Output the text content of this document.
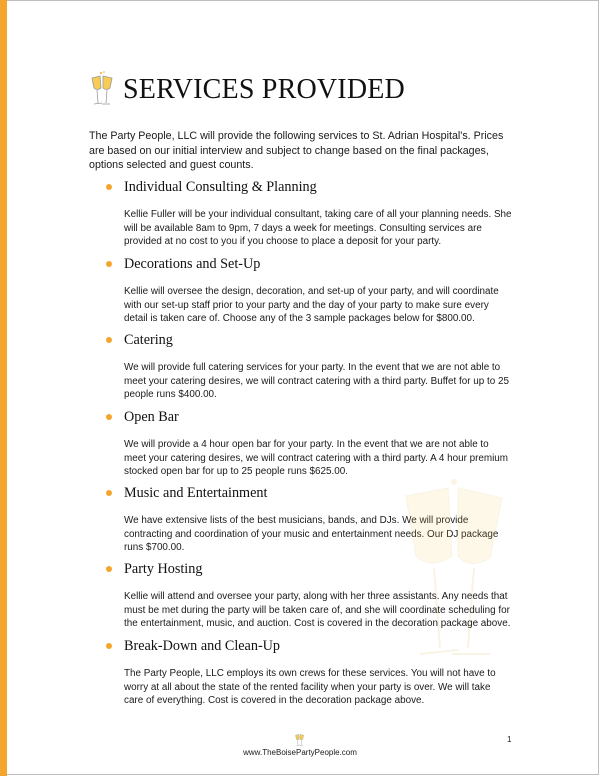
SERVICES PROVIDED
The Party People, LLC will provide the following services to St. Adrian Hospital's. Prices are based on our initial interview and subject to change based on the final packages, options selected and guest counts.
Individual Consulting & Planning
Kellie Fuller will be your individual consultant, taking care of all your planning needs. She will be available 8am to 9pm, 7 days a week for meetings. Consulting services are provided at no cost to you if you choose to place a deposit for your party.
Decorations and Set-Up
Kellie will oversee the design, decoration, and set-up of your party, and will coordinate with our set-up staff prior to your party and the day of your party to make sure every detail is taken care of. Choose any of the 3 sample packages below for $800.00.
Catering
We will provide full catering services for your party. In the event that we are not able to meet your catering desires, we will contract catering with a third party. Buffet for up to 25 people runs $400.00.
Open Bar
We will provide a 4 hour open bar for your party. In the event that we are not able to meet your catering desires, we will contract catering with a third party. A 4 hour premium stocked open bar for up to 25 people runs $625.00.
Music and Entertainment
We have extensive lists of the best musicians, bands, and DJs. We will provide contracting and coordination of your music and entertainment needs. Our DJ package runs $700.00.
Party Hosting
Kellie will attend and oversee your party, along with her three assistants. Any needs that must be met during the party will be taken care of, and she will coordinate scheduling for the entertainment, music, and auction. Cost is covered in the decoration package above.
Break-Down and Clean-Up
The Party People, LLC employs its own crews for these services. You will not have to worry at all about the state of the rented facility when your party is over. We will take care of everything. Cost is covered in the decoration package above.
1
www.TheBoisePartyPeople.com
